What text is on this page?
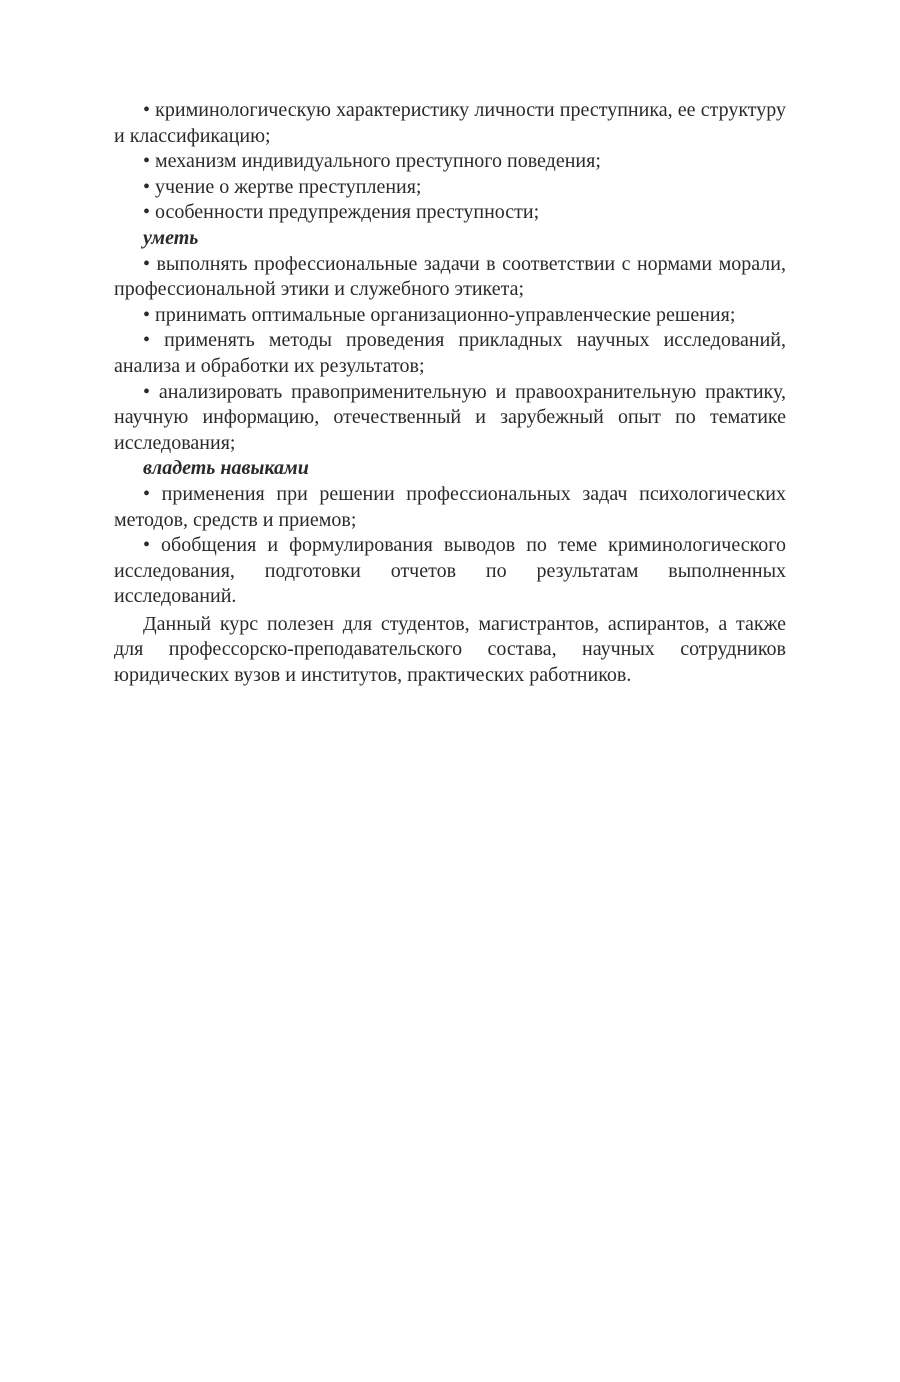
• криминологическую характеристику личности преступника, ее структуру и классификацию;

• механизм индивидуального преступного поведения;

• учение о жертве преступления;

• особенности предупреждения преступности;

уметь

• выполнять профессиональные задачи в соответствии с нормами морали, профессиональной этики и служебного этикета;

• принимать оптимальные организационно-управленческие решения;

• применять методы проведения прикладных научных исследований, анализа и обработки их результатов;

• анализировать правоприменительную и правоохранительную практику, научную информацию, отечественный и зарубежный опыт по тематике исследования;

владеть навыками

• применения при решении профессиональных задач психологических методов, средств и приемов;

• обобщения и формулирования выводов по теме криминологического исследования, подготовки отчетов по результатам выполненных исследований.

Данный курс полезен для студентов, магистрантов, аспирантов, а также для профессорско-преподавательского состава, научных сотрудников юридических вузов и институтов, практических работников.
